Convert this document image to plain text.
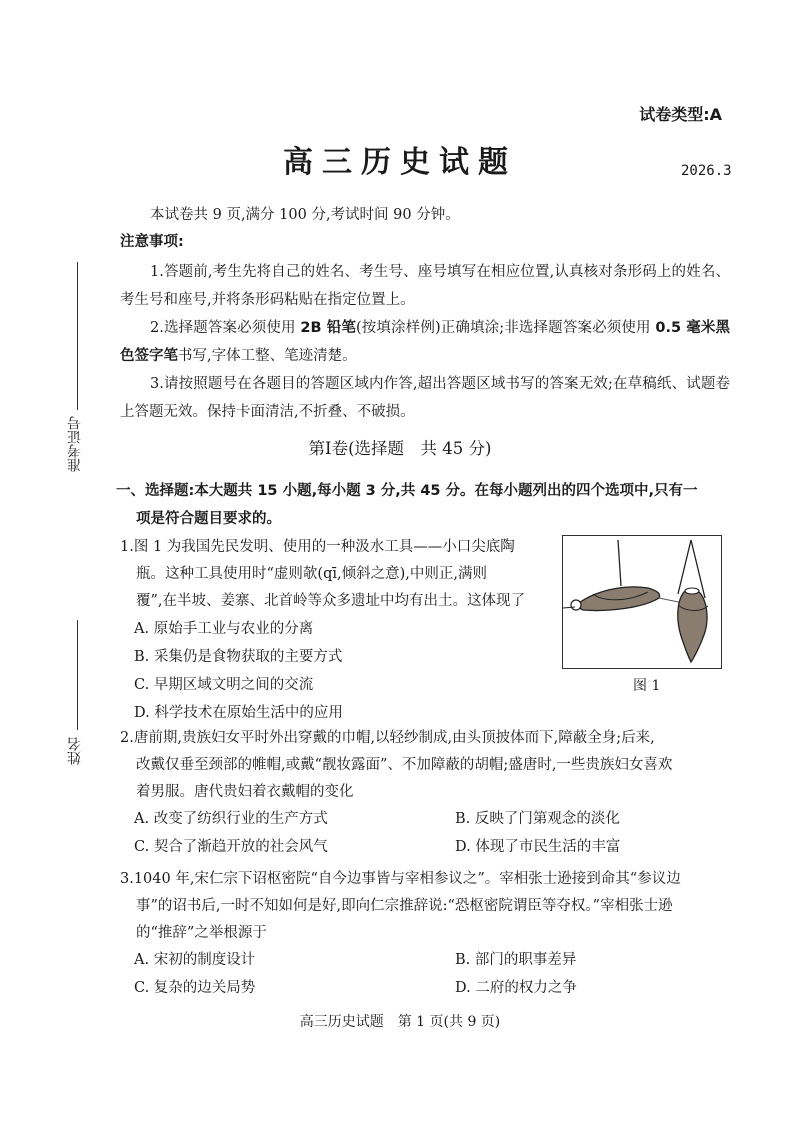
准考证号
姓名
试卷类型:A
高三历史试题	2026.3
本试卷共 9 页,满分 100 分,考试时间 90 分钟。
注意事项:
1.答题前,考生先将自己的姓名、考生号、座号填写在相应位置,认真核对条形码上的姓名、考生号和座号,并将条形码粘贴在指定位置上。
2.选择题答案必须使用 2B 铅笔(按填涂样例)正确填涂;非选择题答案必须使用 0.5 毫米黑色签字笔书写,字体工整、笔迹清楚。
3.请按照题号在各题目的答题区域内作答,超出答题区域书写的答案无效;在草稿纸、试题卷上答题无效。保持卡面清洁,不折叠、不破损。
第Ⅰ卷(选择题　共 45 分)
一、选择题:本大题共 15 小题,每小题 3 分,共 45 分。在每小题列出的四个选项中,只有一
项是符合题目要求的。
1.图 1 为我国先民发明、使用的一种汲水工具——小口尖底陶
瓶。这种工具使用时“虚则欹(qī,倾斜之意),中则正,满则
覆”,在半坡、姜寨、北首岭等众多遗址中均有出土。这体现了
A. 原始手工业与农业的分离
B. 采集仍是食物获取的主要方式
C. 早期区域文明之间的交流
D. 科学技术在原始生活中的应用
图 1
2.唐前期,贵族妇女平时外出穿戴的巾帽,以轻纱制成,由头顶披体而下,障蔽全身;后来,
改戴仅垂至颈部的帷帽,或戴“靓妆露面”、不加障蔽的胡帽;盛唐时,一些贵族妇女喜欢
着男服。唐代贵妇着衣戴帽的变化
A. 改变了纺织行业的生产方式	B. 反映了门第观念的淡化
C. 契合了渐趋开放的社会风气	D. 体现了市民生活的丰富
3.1040 年,宋仁宗下诏枢密院“自今边事皆与宰相参议之”。宰相张士逊接到命其“参议边
事”的诏书后,一时不知如何是好,即向仁宗推辞说:“恐枢密院谓臣等夺权。”宰相张士逊
的“推辞”之举根源于
A. 宋初的制度设计	B. 部门的职事差异
C. 复杂的边关局势	D. 二府的权力之争
高三历史试题　第 1 页(共 9 页)
